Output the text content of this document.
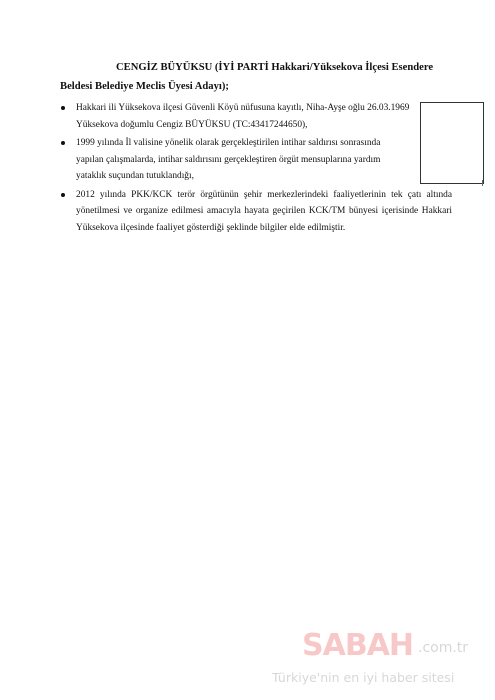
CENGİZ BÜYÜKSU (İYİ PARTİ Hakkari/Yüksekova İlçesi Esendere
Beldesi Belediye Meclis Üyesi Adayı);
Hakkari ili Yüksekova ilçesi Güvenli Köyü nüfusuna kayıtlı, Niha-Ayşe oğlu 26.03.1969 Yüksekova doğumlu Cengiz BÜYÜKSU (TC:43417244650),
1999 yılında İl valisine yönelik olarak gerçekleştirilen intihar saldırısı sonrasında yapılan çalışmalarda, intihar saldırısını gerçekleştiren örgüt mensuplarına yardım yataklık suçundan tutuklandığı,
2012 yılında PKK/KCK terör örgütünün şehir merkezlerindeki faaliyetlerinin tek çatı altında yönetilmesi ve organize edilmesi amacıyla hayata geçirilen KCK/TM bünyesi içerisinde Hakkari Yüksekova ilçesinde faaliyet gösterdiği şeklinde bilgiler elde edilmiştir.
SABAH .com.tr
Türkiye'nin en iyi haber sitesi
